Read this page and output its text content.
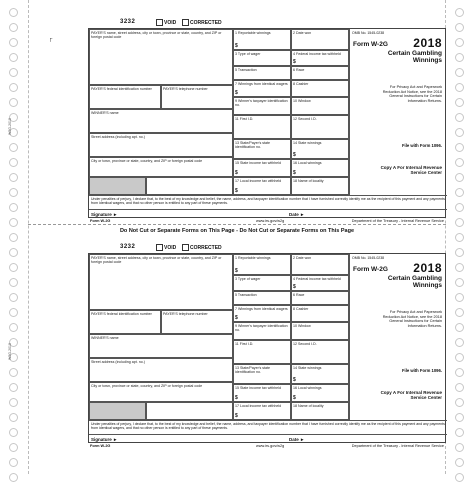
W2G-2018
W2G-2018
┌
Do Not Cut or Separate Forms on This Page - Do Not Cut or Separate Forms on This Page
3232	VOID	CORRECTED
PAYER'S name, street address, city or town, province or state, country, and ZIP or foreign postal code
PAYER'S federal identification number	PAYER'S telephone number
WINNER'S name
Street address (including apt. no.)
City or town, province or state, country, and ZIP or foreign postal code
1 Reportable winnings
$
2 Date won
3 Type of wager	4 Federal income tax withheld
$
5 Transaction	6 Race
7 Winnings from identical wagers
$
8 Cashier
9 Winner's taxpayer identification no.
10 Window
11 First I.D.	12 Second I.D.
13 State/Payer's state identification no.
14 State winnings
$
15 State income tax withheld
$
16 Local winnings
$
17 Local income tax withheld
$
18 Name of locality
OMB No. 1545-0238
2018
Form W-2G
Certain Gambling Winnings
For Privacy Act and Paperwork Reduction Act Notice, see the 2018 General Instructions for Certain Information Returns.
File with Form 1096.
Copy A For Internal Revenue Service Center
Under penalties of perjury, I declare that, to the best of my knowledge and belief, the name, address, and taxpayer identification number that I have furnished correctly identify me as the recipient of this payment and any payments from identical wagers, and that no other person is entitled to any part of these payments.
Signature ►	Date ►
Form W-2G	www.irs.gov/w2g	Department of the Treasury - Internal Revenue Service
3232	VOID	CORRECTED
PAYER'S name, street address, city or town, province or state, country, and ZIP or foreign postal code
PAYER'S federal identification number	PAYER'S telephone number
WINNER'S name
Street address (including apt. no.)
City or town, province or state, country, and ZIP or foreign postal code
1 Reportable winnings
$
2 Date won
3 Type of wager	4 Federal income tax withheld
$
5 Transaction	6 Race
7 Winnings from identical wagers
$
8 Cashier
9 Winner's taxpayer identification no.
10 Window
11 First I.D.	12 Second I.D.
13 State/Payer's state identification no.
14 State winnings
$
15 State income tax withheld
$
16 Local winnings
$
17 Local income tax withheld
$
18 Name of locality
OMB No. 1545-0238
2018
Form W-2G
Certain Gambling Winnings
For Privacy Act and Paperwork Reduction Act Notice, see the 2018 General Instructions for Certain Information Returns.
File with Form 1096.
Copy A For Internal Revenue Service Center
Under penalties of perjury, I declare that, to the best of my knowledge and belief, the name, address, and taxpayer identification number that I have furnished correctly identify me as the recipient of this payment and any payments from identical wagers, and that no other person is entitled to any part of these payments.
Signature ►	Date ►
Form W-2G	www.irs.gov/w2g	Department of the Treasury - Internal Revenue Service
